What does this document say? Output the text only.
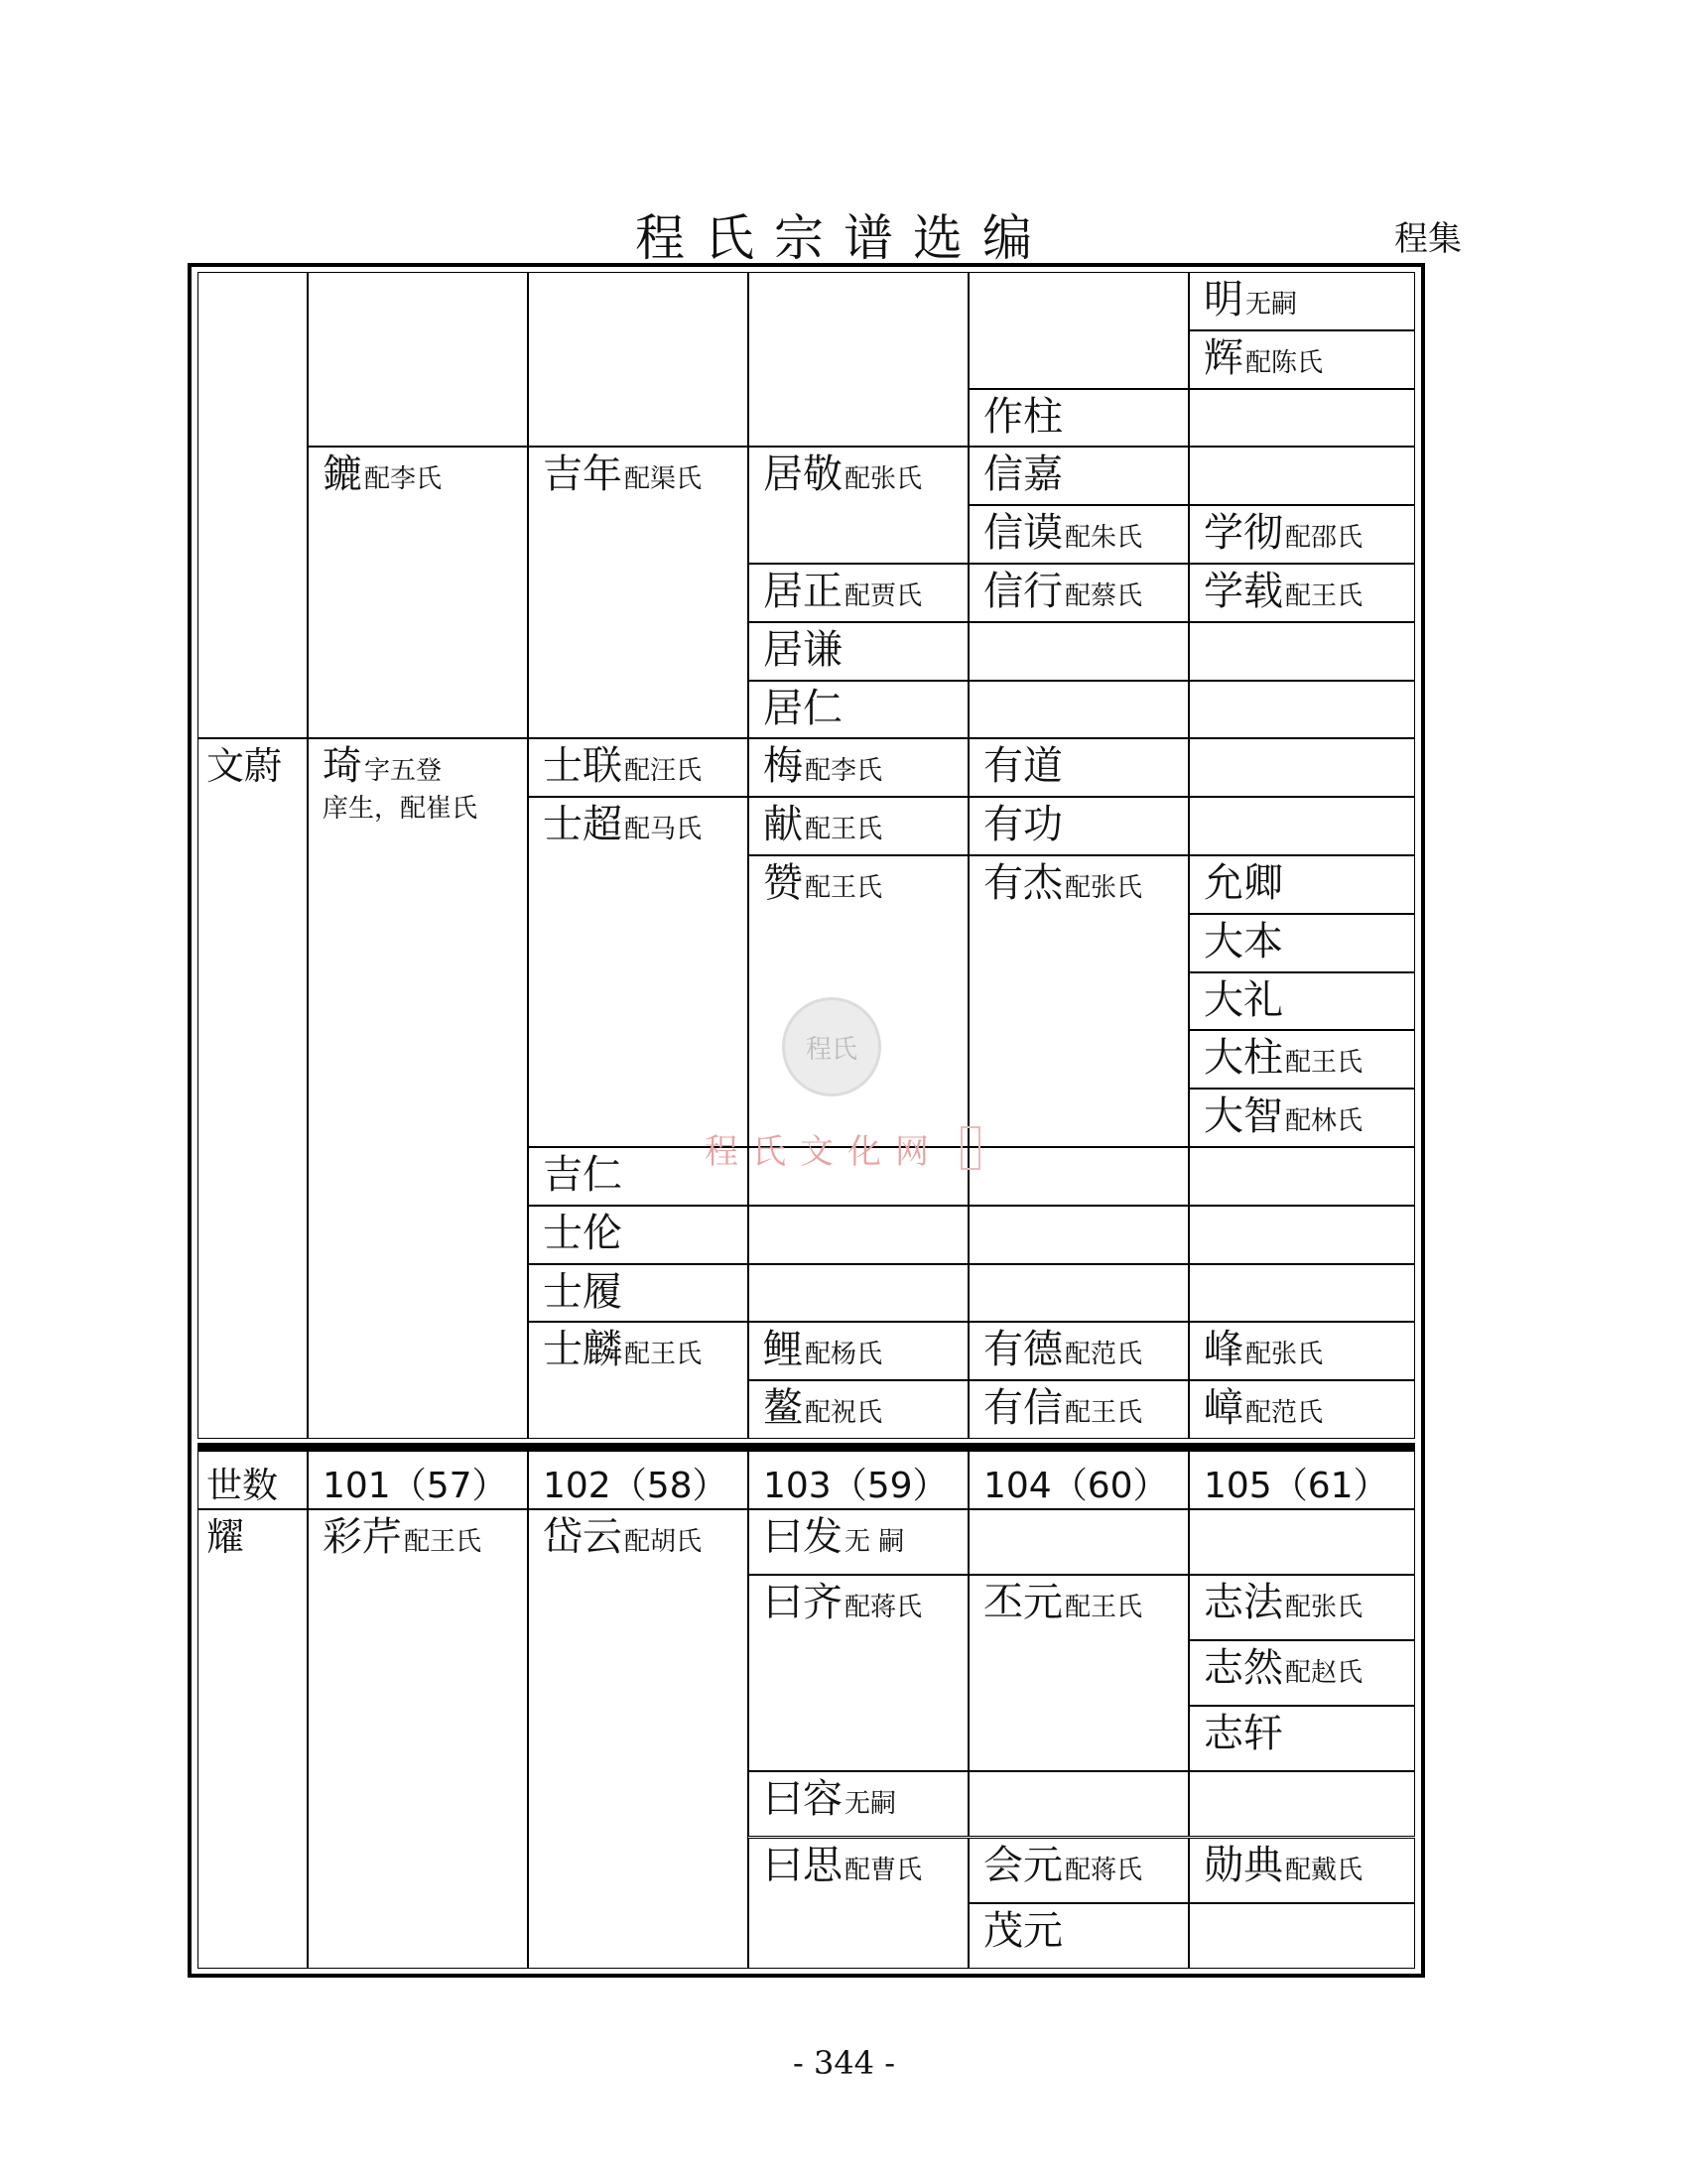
程氏宗谱选编	程集
文蔚
耀
鏕配李氏
琦字五登
庠生，配崔氏
彩芹配王氏
吉年配渠氏
士联配汪氏
士超配马氏
吉仁
士伦
士履
士麟配王氏
岱云配胡氏
居敬配张氏
居正配贾氏
居谦
居仁
梅配李氏
献配王氏
赞配王氏
鲤配杨氏
鳌配祝氏
曰发无 嗣
曰齐配蒋氏
曰容无嗣
曰思配曹氏
作柱
信嘉
信谟配朱氏
信行配蔡氏
有道
有功
有杰配张氏
有德配范氏
有信配王氏
丕元配王氏
会元配蒋氏
茂元
明无嗣
辉配陈氏
学彻配邵氏
学载配王氏
允卿
大本
大礼
大柱配王氏
大智配林氏
峰配张氏
嶂配范氏
志法配张氏
志然配赵氏
志轩
勋典配戴氏
世数	101（57） 102（58） 103（59） 104（60） 105（61）
程氏
程氏文化网
- 344 -
